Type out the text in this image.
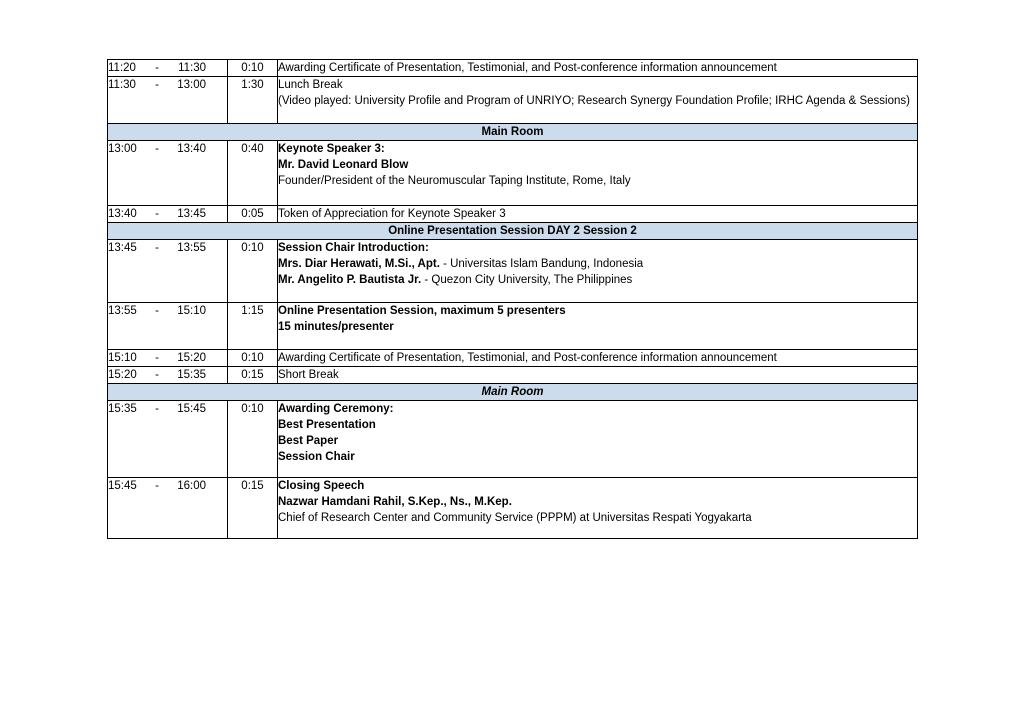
11:20 - 11:30	0:10	Awarding Certificate of Presentation, Testimonial, and Post-conference information announcement

11:30 - 13:00	1:30	Lunch Break
(Video played: University Profile and Program of UNRIYO; Research Synergy Foundation Profile; IRHC Agenda & Sessions)

Main Room		
13:00 - 13:40	0:40	Keynote Speaker 3:
Mr. David Leonard Blow
Founder/President of the Neuromuscular Taping Institute, Rome, Italy

13:40 - 13:45	0:05	Token of Appreciation for Keynote Speaker 3

Online Presentation Session DAY 2 Session 2		
13:45 - 13:55	0:10	Session Chair Introduction:
Mrs. Diar Herawati, M.Si., Apt. - Universitas Islam Bandung, Indonesia
Mr. Angelito P. Bautista Jr. - Quezon City University, The Philippines

13:55 - 15:10	1:15	Online Presentation Session, maximum 5 presenters
15 minutes/presenter

15:10 - 15:20	0:10	Awarding Certificate of Presentation, Testimonial, and Post-conference information announcement

15:20 - 15:35	0:15	Short Break

Main Room		
15:35 - 15:45	0:10	Awarding Ceremony:
Best Presentation
Best Paper
Session Chair

15:45 - 16:00	0:15	Closing Speech
Nazwar Hamdani Rahil, S.Kep., Ns., M.Kep.
Chief of Research Center and Community Service (PPPM) at Universitas Respati Yogyakarta
